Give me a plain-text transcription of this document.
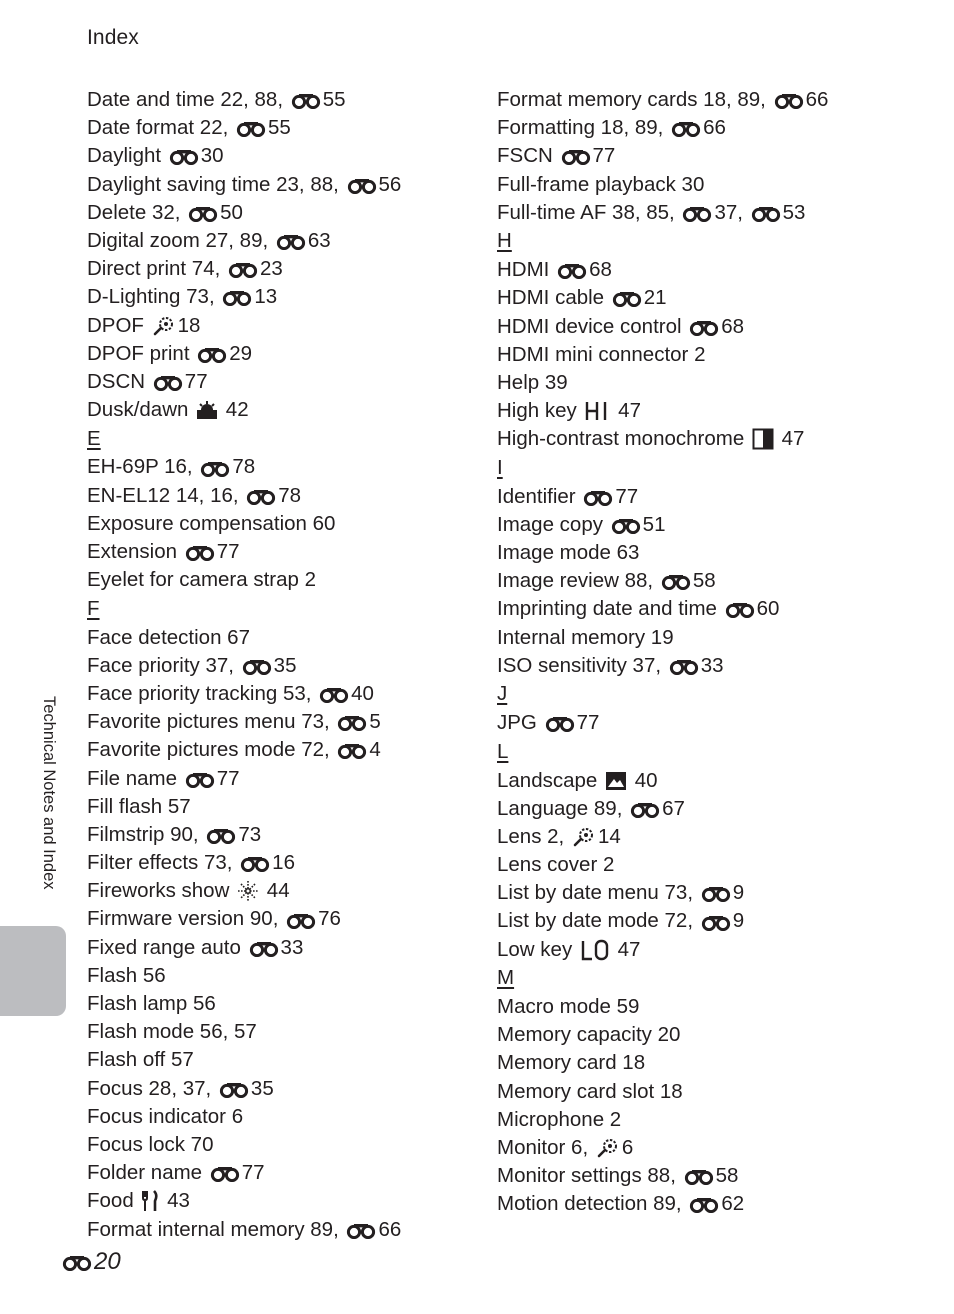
Index
Date and time 22, 88, 55
Date format 22, 55
Daylight 30
Daylight saving time 23, 88, 56
Delete 32, 50
Digital zoom 27, 89, 63
Direct print 74, 23
D-Lighting 73, 13
DPOF 18
DPOF print 29
DSCN 77
Dusk/dawn 42
E
EH-69P 16, 78
EN-EL12 14, 16, 78
Exposure compensation 60
Extension 77
Eyelet for camera strap 2
F
Face detection 67
Face priority 37, 35
Face priority tracking 53, 40
Favorite pictures menu 73, 5
Favorite pictures mode 72, 4
File name 77
Fill flash 57
Filmstrip 90, 73
Filter effects 73, 16
Fireworks show 44
Firmware version 90, 76
Fixed range auto 33
Flash 56
Flash lamp 56
Flash mode 56, 57
Flash off 57
Focus 28, 37, 35
Focus indicator 6
Focus lock 70
Folder name 77
Food 43
Format internal memory 89, 66
Format memory cards 18, 89, 66
Formatting 18, 89, 66
FSCN 77
Full-frame playback 30
Full-time AF 38, 85, 37, 53
H
HDMI 68
HDMI cable 21
HDMI device control 68
HDMI mini connector 2
Help 39
High key 47
High-contrast monochrome 47
I
Identifier 77
Image copy 51
Image mode 63
Image review 88, 58
Imprinting date and time 60
Internal memory 19
ISO sensitivity 37, 33
J
JPG 77
L
Landscape 40
Language 89, 67
Lens 2, 14
Lens cover 2
List by date menu 73, 9
List by date mode 72, 9
Low key 47
M
Macro mode 59
Memory capacity 20
Memory card 18
Memory card slot 18
Microphone 2
Monitor 6, 6
Monitor settings 88, 58
Motion detection 89, 62
Technical Notes and Index
20
